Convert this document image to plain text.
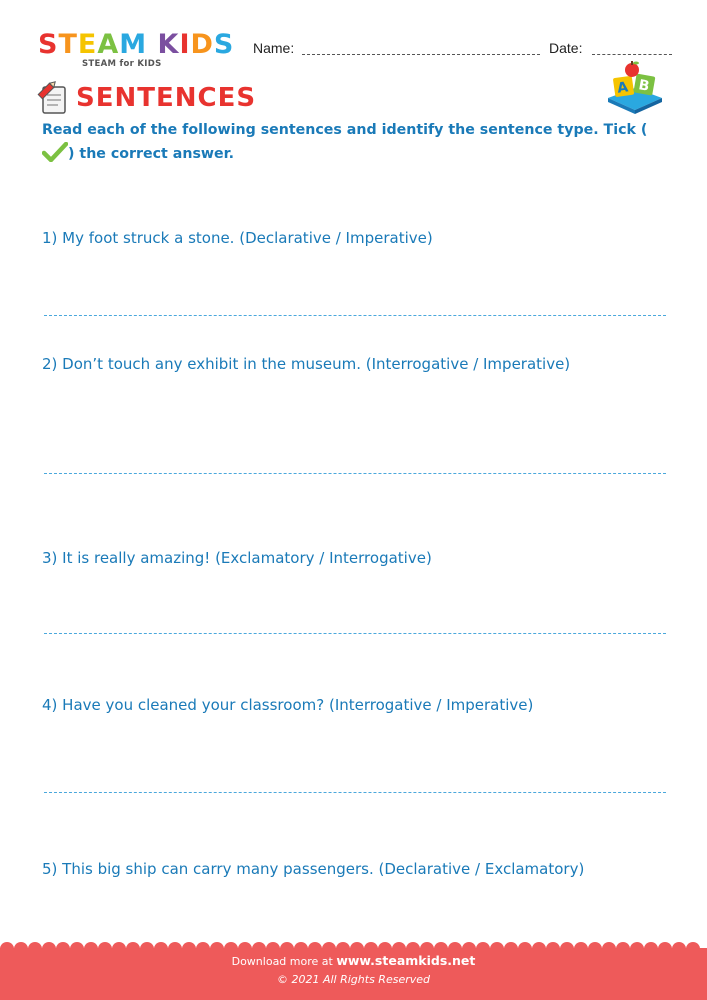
STEAM KIDS
STEAM for KIDS
Name:	Date:
SENTENCES	A B
Read each of the following sentences and identify the sentence type. Tick () the correct answer.
1) My foot struck a stone. (Declarative / Imperative)
2) Don’t touch any exhibit in the museum. (Interrogative / Imperative)
3) It is really amazing! (Exclamatory / Interrogative)
4) Have you cleaned your classroom? (Interrogative / Imperative)
5) This big ship can carry many passengers. (Declarative / Exclamatory)
Download more at www.steamkids.net
© 2021 All Rights Reserved
